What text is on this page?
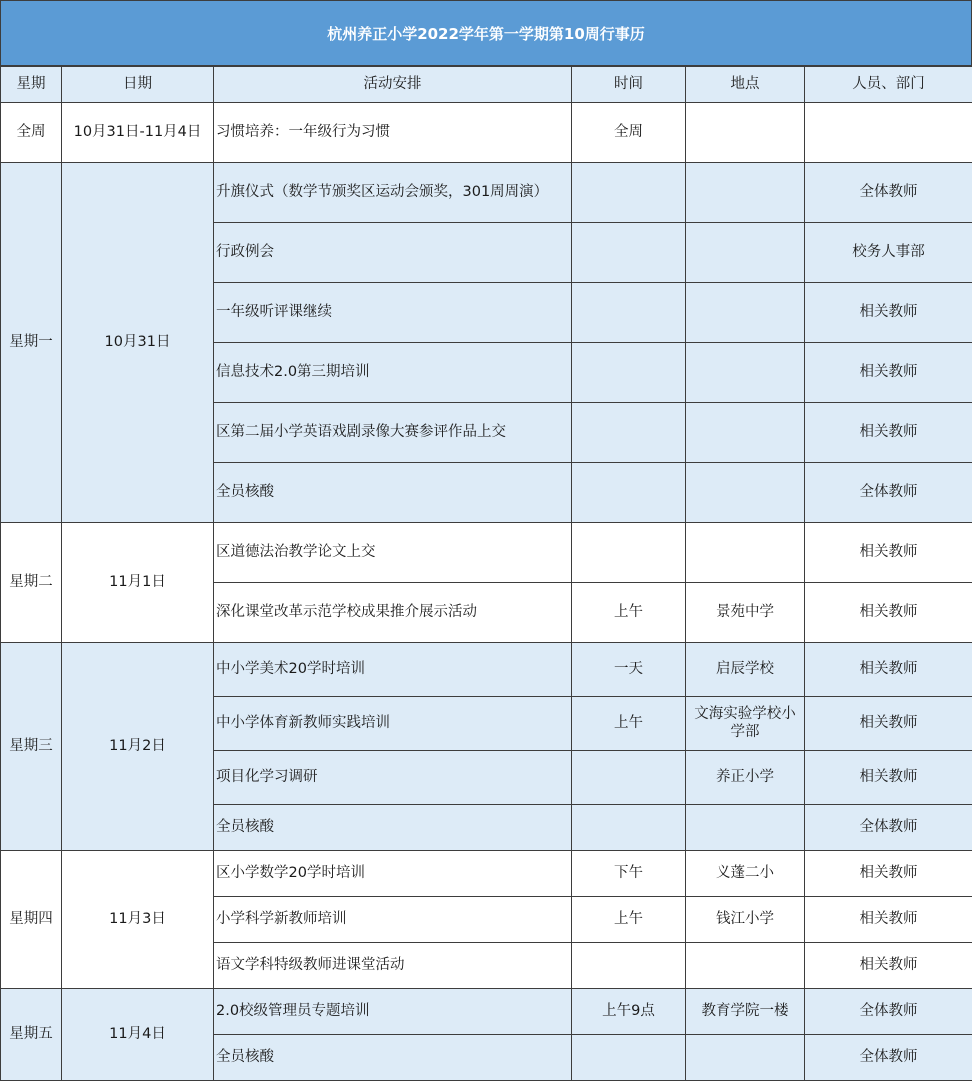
杭州养正小学2022学年第一学期第10周行事历
星期	日期	活动安排	时间	地点	人员、部门
全周	10月31日-11月4日	习惯培养：一年级行为习惯	全周		
星期一	10月31日	升旗仪式（数学节颁奖区运动会颁奖，301周周演）			全体教师
		行政例会			校务人事部
		一年级听评课继续			相关教师
		信息技术2.0第三期培训			相关教师
		区第二届小学英语戏剧录像大赛参评作品上交			相关教师
		全员核酸			全体教师
星期二	11月1日	区道德法治教学论文上交			相关教师
		深化课堂改革示范学校成果推介展示活动	上午	景苑中学	相关教师
星期三	11月2日	中小学美术20学时培训	一天	启辰学校	相关教师
		中小学体育新教师实践培训	上午	文海实验学校小学部	相关教师
		项目化学习调研		养正小学	相关教师
		全员核酸			全体教师
星期四	11月3日	区小学数学20学时培训	下午	义蓬二小	相关教师
		小学科学新教师培训	上午	钱江小学	相关教师
		语文学科特级教师进课堂活动			相关教师
星期五	11月4日	2.0校级管理员专题培训	上午9点	教育学院一楼	全体教师
		全员核酸			全体教师
